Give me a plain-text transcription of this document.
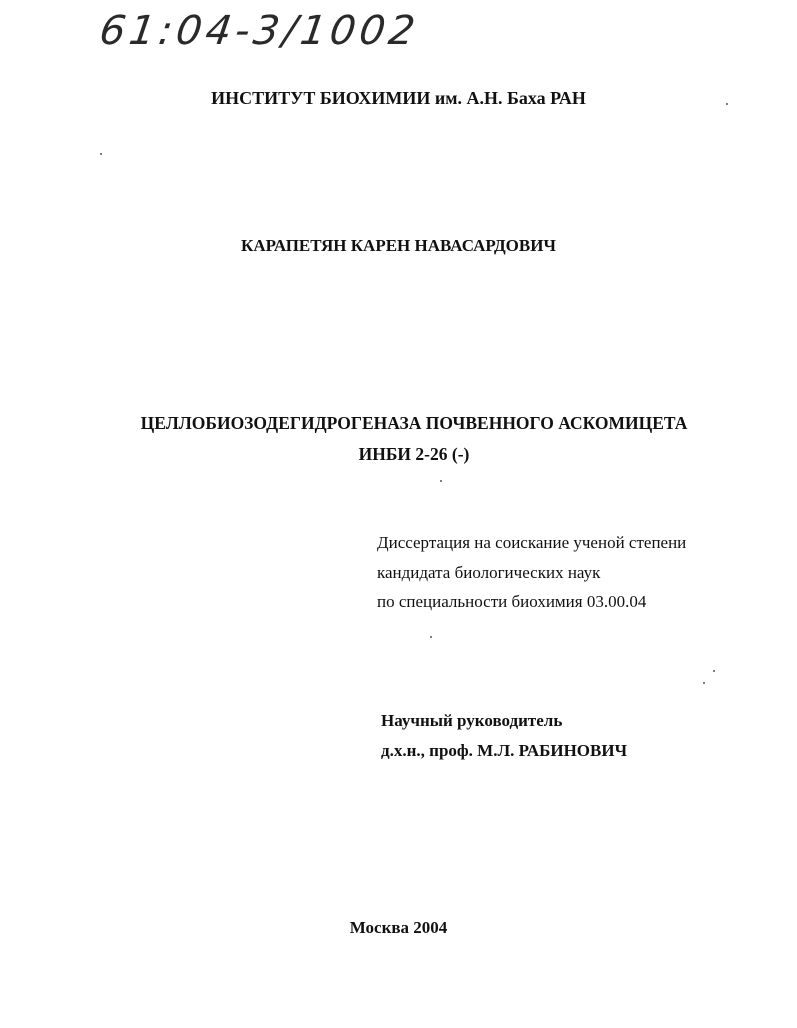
61:04-3/1002
ИНСТИТУТ БИОХИМИИ им. А.Н. Баха РАН
КАРАПЕТЯН КАРЕН НАВАСАРДОВИЧ
ЦЕЛЛОБИОЗОДЕГИДРОГЕНАЗА ПОЧВЕННОГО АСКОМИЦЕТА
ИНБИ 2-26 (-)
Диссертация на соискание ученой степени
кандидата биологических наук
по специальности биохимия 03.00.04
Научный руководитель
д.х.н., проф. М.Л. РАБИНОВИЧ
Москва 2004
